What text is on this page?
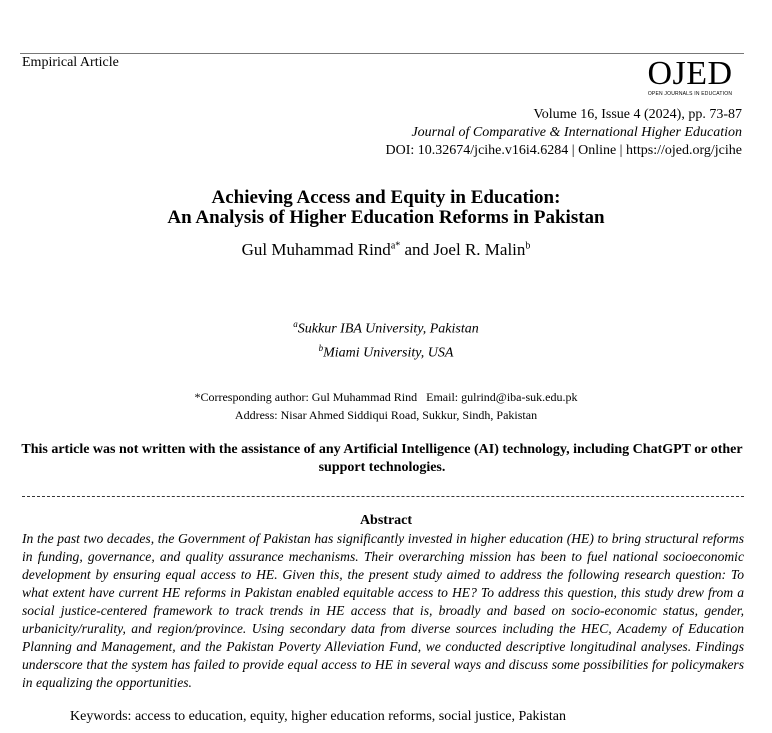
Empirical Article	OJED
OPEN JOURNALS IN EDUCATION
Volume 16, Issue 4 (2024), pp. 73-87
Journal of Comparative & International Higher Education
DOI: 10.32674/jcihe.v16i4.6284 | Online | https://ojed.org/jcihe
Achieving Access and Equity in Education:
An Analysis of Higher Education Reforms in Pakistan
Gul Muhammad Rind$^{a*}$ and Joel R. Malin$^b$
$^a$Sukkur IBA University, Pakistan
$^b$Miami University, USA
*Corresponding author: Gul Muhammad Rind   Email: gulrind@iba-suk.edu.pk
Address: Nisar Ahmed Siddiqui Road, Sukkur, Sindh, Pakistan
This article was not written with the assistance of any Artificial Intelligence (AI) technology, including ChatGPT or other support technologies.
Abstract

In the past two decades, the Government of Pakistan has significantly invested in higher education (HE) to bring structural reforms in funding, governance, and quality assurance mechanisms. Their overarching mission has been to fuel national socioeconomic development by ensuring equal access to HE. Given this, the present study aimed to address the following research question: To what extent have current HE reforms in Pakistan enabled equitable access to HE? To address this question, this study drew from a social justice-centered framework to track trends in HE access that is, broadly and based on socio-economic status, gender, urbanicity/rurality, and region/province. Using secondary data from diverse sources including the HEC, Academy of Education Planning and Management, and the Pakistan Poverty Alleviation Fund, we conducted descriptive longitudinal analyses. Findings underscore that the system has failed to provide equal access to HE in several ways and discuss some possibilities for policymakers in equalizing the opportunities.

Keywords: access to education, equity, higher education reforms, social justice, Pakistan
